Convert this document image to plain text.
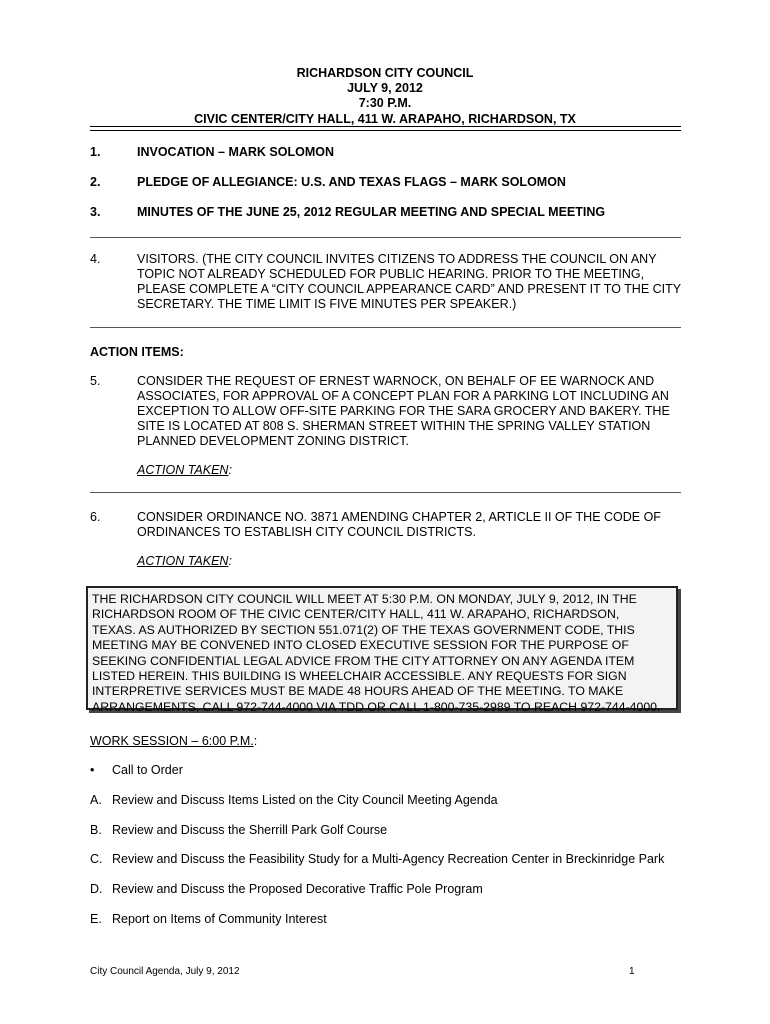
RICHARDSON CITY COUNCIL
JULY 9, 2012
7:30 P.M.
CIVIC CENTER/CITY HALL, 411 W. ARAPAHO, RICHARDSON, TX
1.	INVOCATION – MARK SOLOMON
2.	PLEDGE OF ALLEGIANCE: U.S. AND TEXAS FLAGS – MARK SOLOMON
3.	MINUTES OF THE JUNE 25, 2012 REGULAR MEETING AND SPECIAL MEETING
4.	VISITORS. (THE CITY COUNCIL INVITES CITIZENS TO ADDRESS THE COUNCIL ON ANY TOPIC NOT ALREADY SCHEDULED FOR PUBLIC HEARING. PRIOR TO THE MEETING, PLEASE COMPLETE A “CITY COUNCIL APPEARANCE CARD” AND PRESENT IT TO THE CITY SECRETARY. THE TIME LIMIT IS FIVE MINUTES PER SPEAKER.)
ACTION ITEMS:
5.	CONSIDER THE REQUEST OF ERNEST WARNOCK, ON BEHALF OF EE WARNOCK AND ASSOCIATES, FOR APPROVAL OF A CONCEPT PLAN FOR A PARKING LOT INCLUDING AN EXCEPTION TO ALLOW OFF-SITE PARKING FOR THE SARA GROCERY AND BAKERY. THE SITE IS LOCATED AT 808 S. SHERMAN STREET WITHIN THE SPRING VALLEY STATION PLANNED DEVELOPMENT ZONING DISTRICT.
ACTION TAKEN:
6.	CONSIDER ORDINANCE NO. 3871 AMENDING CHAPTER 2, ARTICLE II OF THE CODE OF ORDINANCES TO ESTABLISH CITY COUNCIL DISTRICTS.
ACTION TAKEN:
THE RICHARDSON CITY COUNCIL WILL MEET AT 5:30 P.M. ON MONDAY, JULY 9, 2012, IN THE
RICHARDSON ROOM OF THE CIVIC CENTER/CITY HALL, 411 W. ARAPAHO, RICHARDSON,
TEXAS. AS AUTHORIZED BY SECTION 551.071(2) OF THE TEXAS GOVERNMENT CODE, THIS
MEETING MAY BE CONVENED INTO CLOSED EXECUTIVE SESSION FOR THE PURPOSE OF
SEEKING CONFIDENTIAL LEGAL ADVICE FROM THE CITY ATTORNEY ON ANY AGENDA ITEM
LISTED HEREIN. THIS BUILDING IS WHEELCHAIR ACCESSIBLE. ANY REQUESTS FOR SIGN
INTERPRETIVE SERVICES MUST BE MADE 48 HOURS AHEAD OF THE MEETING. TO MAKE
ARRANGEMENTS, CALL 972-744-4000 VIA TDD OR CALL 1-800-735-2989 TO REACH 972-744-4000.
WORK SESSION – 6:00 P.M.:
• Call to Order
A. Review and Discuss Items Listed on the City Council Meeting Agenda
B. Review and Discuss the Sherrill Park Golf Course
C. Review and Discuss the Feasibility Study for a Multi-Agency Recreation Center in Breckinridge Park
D. Review and Discuss the Proposed Decorative Traffic Pole Program
E. Report on Items of Community Interest
City Council Agenda, July 9, 2012	1
